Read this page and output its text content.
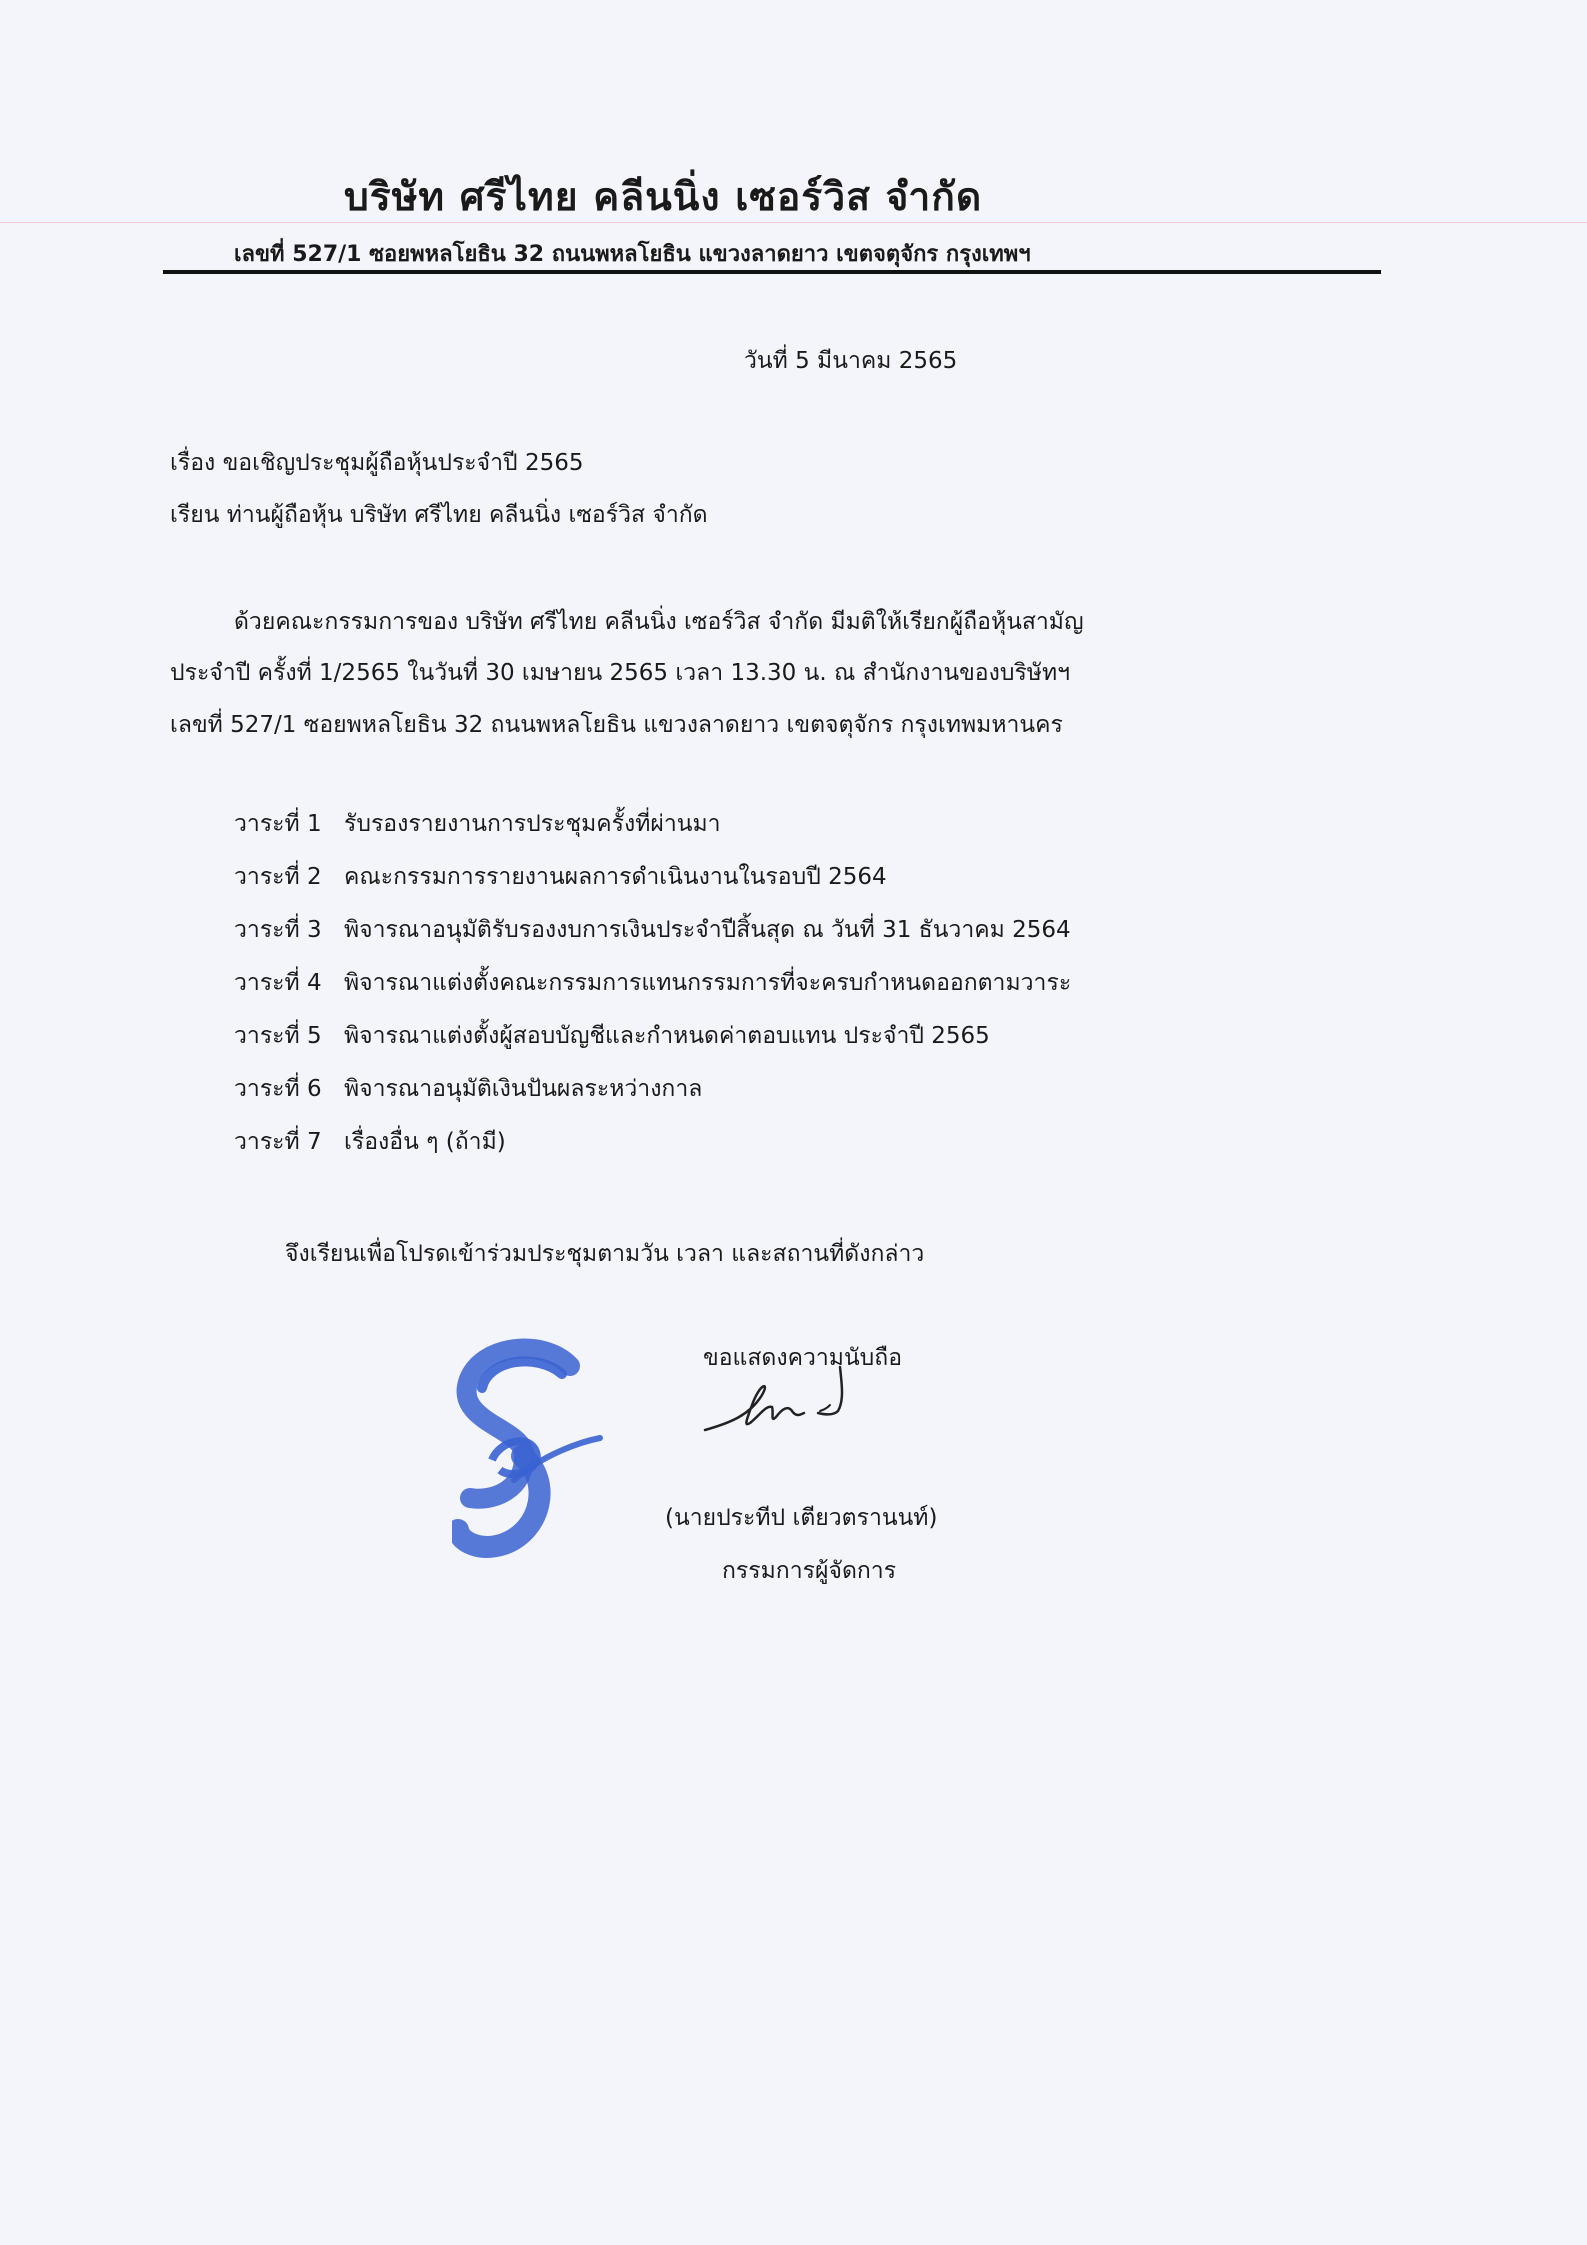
บริษัท ศรีไทย คลีนนิ่ง เซอร์วิส จำกัด
เลขที่ 527/1 ซอยพหลโยธิน 32 ถนนพหลโยธิน แขวงลาดยาว เขตจตุจักร กรุงเทพฯ
วันที่ 5 มีนาคม 2565
เรื่อง ขอเชิญประชุมผู้ถือหุ้นประจำปี 2565
เรียน ท่านผู้ถือหุ้น บริษัท ศรีไทย คลีนนิ่ง เซอร์วิส จำกัด
ด้วยคณะกรรมการของ บริษัท ศรีไทย คลีนนิ่ง เซอร์วิส จำกัด มีมติให้เรียกผู้ถือหุ้นสามัญ
ประจำปี ครั้งที่ 1/2565 ในวันที่ 30 เมษายน 2565 เวลา 13.30 น. ณ สำนักงานของบริษัทฯ
เลขที่ 527/1 ซอยพหลโยธิน 32 ถนนพหลโยธิน แขวงลาดยาว เขตจตุจักร กรุงเทพมหานคร
วาระที่ 1 รับรองรายงานการประชุมครั้งที่ผ่านมา
วาระที่ 2 คณะกรรมการรายงานผลการดำเนินงานในรอบปี 2564
วาระที่ 3 พิจารณาอนุมัติรับรองงบการเงินประจำปีสิ้นสุด ณ วันที่ 31 ธันวาคม 2564
วาระที่ 4 พิจารณาแต่งตั้งคณะกรรมการแทนกรรมการที่จะครบกำหนดออกตามวาระ
วาระที่ 5 พิจารณาแต่งตั้งผู้สอบบัญชีและกำหนดค่าตอบแทน ประจำปี 2565
วาระที่ 6 พิจารณาอนุมัติเงินปันผลระหว่างกาล
วาระที่ 7 เรื่องอื่น ๆ (ถ้ามี)
จึงเรียนเพื่อโปรดเข้าร่วมประชุมตามวัน เวลา และสถานที่ดังกล่าว
ขอแสดงความนับถือ
(นายประทีป เตียวตรานนท์)
กรรมการผู้จัดการ
